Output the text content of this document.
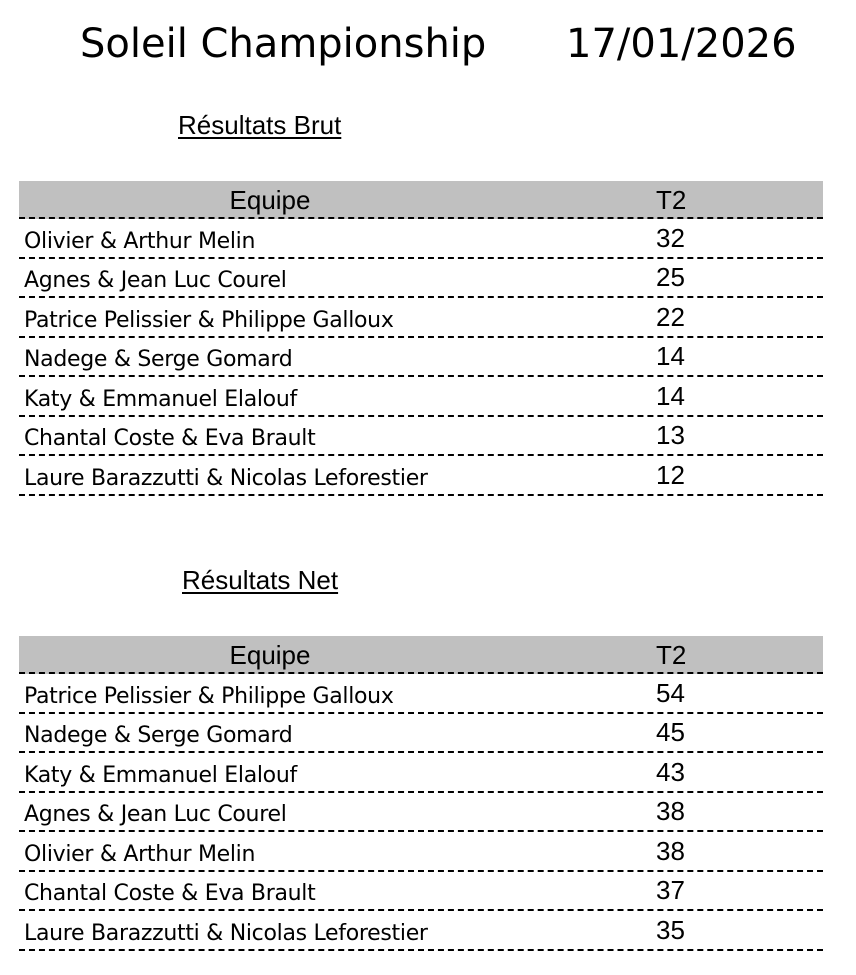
Soleil Championship 17/01/2026
Résultats Brut
Equipe	T2
Olivier & Arthur Melin	32
Agnes & Jean Luc Courel	25
Patrice Pelissier & Philippe Galloux	22
Nadege & Serge Gomard	14
Katy & Emmanuel Elalouf	14
Chantal Coste & Eva Brault	13
Laure Barazzutti & Nicolas Leforestier	12
Résultats Net
Equipe	T2
Patrice Pelissier & Philippe Galloux	54
Nadege & Serge Gomard	45
Katy & Emmanuel Elalouf	43
Agnes & Jean Luc Courel	38
Olivier & Arthur Melin	38
Chantal Coste & Eva Brault	37
Laure Barazzutti & Nicolas Leforestier	35
